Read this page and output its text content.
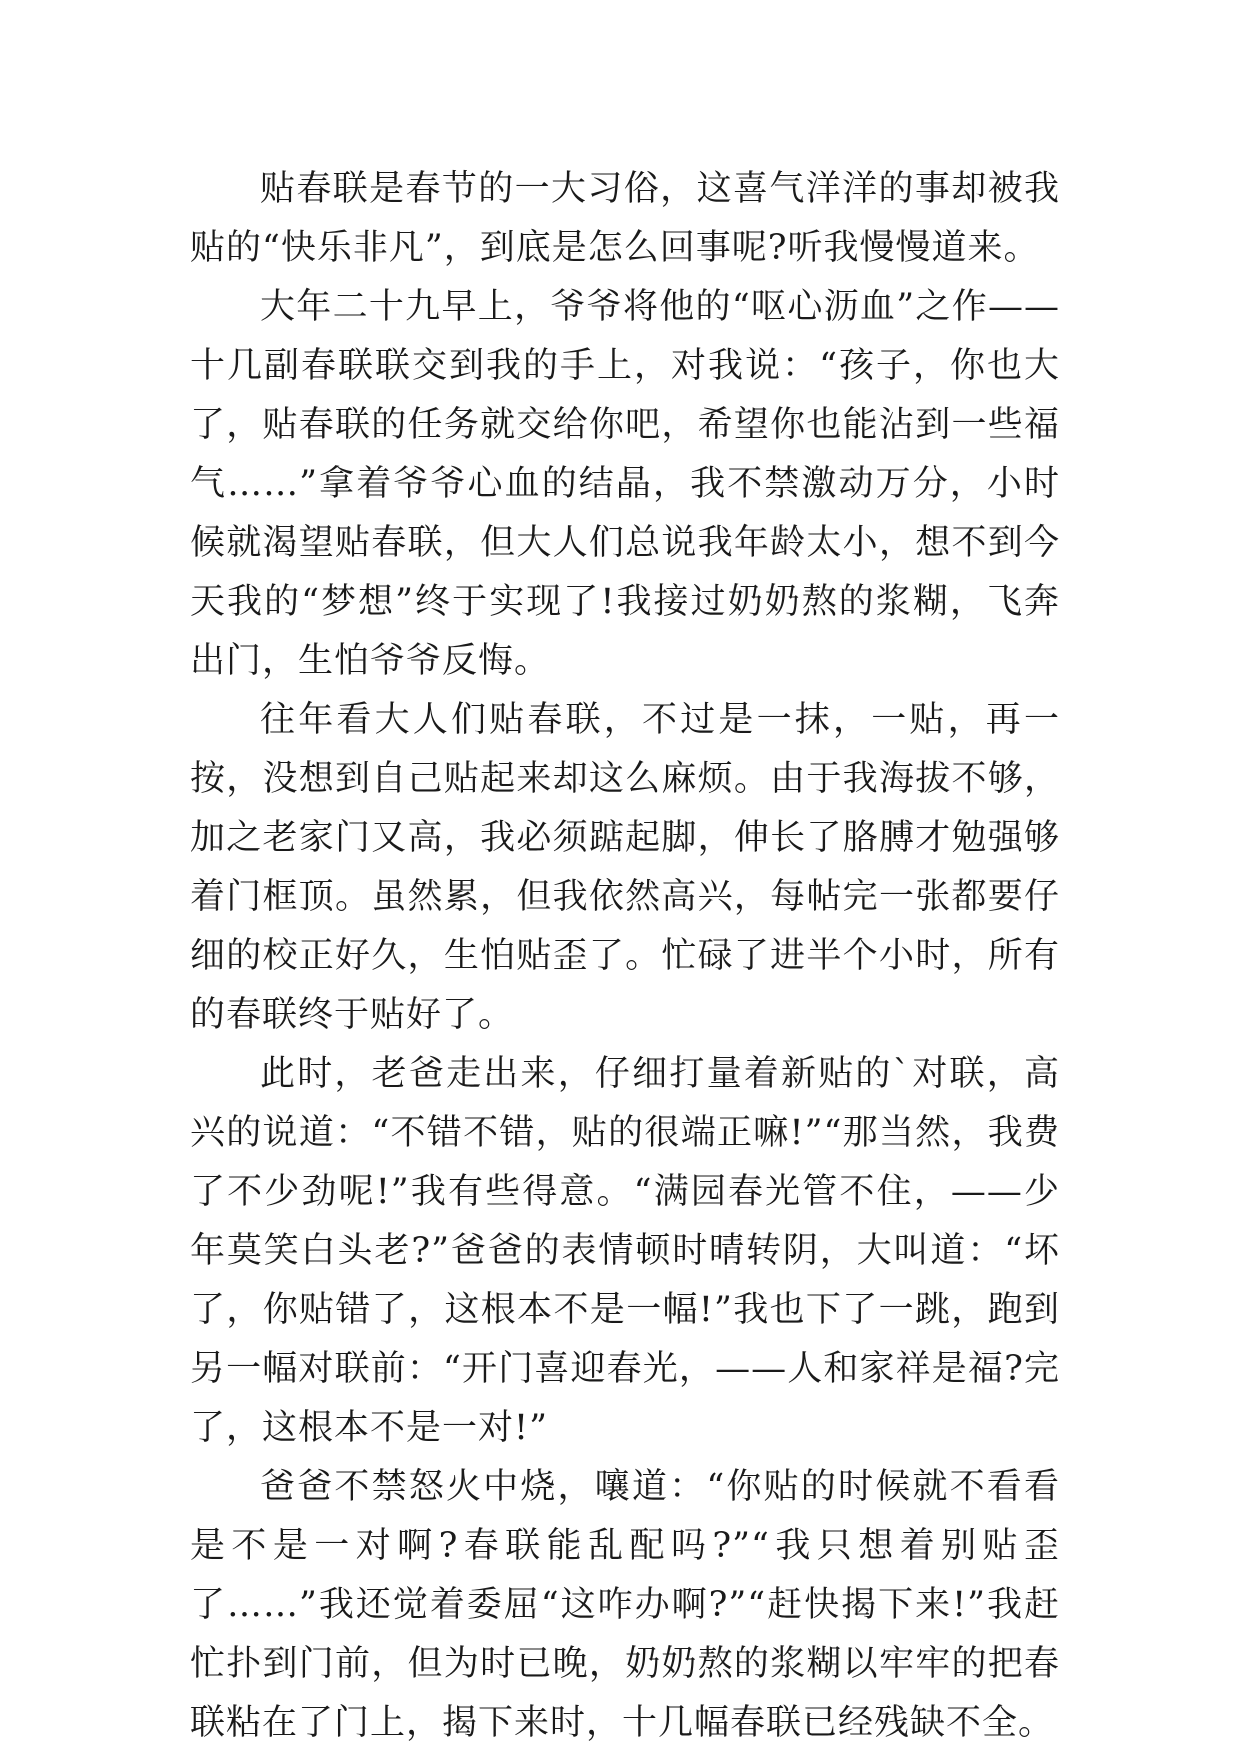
贴春联是春节的一大习俗，这喜气洋洋的事却被我贴的“快乐非凡”，到底是怎么回事呢?听我慢慢道来。

大年二十九早上，爷爷将他的“呕心沥血”之作——十几副春联联交到我的手上，对我说：“孩子，你也大了，贴春联的任务就交给你吧，希望你也能沾到一些福气……”拿着爷爷心血的结晶，我不禁激动万分，小时候就渴望贴春联，但大人们总说我年龄太小，想不到今天我的“梦想”终于实现了!我接过奶奶熬的浆糊，飞奔出门，生怕爷爷反悔。

往年看大人们贴春联，不过是一抹，一贴，再一按，没想到自己贴起来却这么麻烦。由于我海拔不够，加之老家门又高，我必须踮起脚，伸长了胳膊才勉强够着门框顶。虽然累，但我依然高兴，每帖完一张都要仔细的校正好久，生怕贴歪了。忙碌了进半个小时，所有的春联终于贴好了。

此时，老爸走出来，仔细打量着新贴的`对联，高兴的说道：“不错不错，贴的很端正嘛!”“那当然，我费了不少劲呢!”我有些得意。“满园春光管不住，——少年莫笑白头老?”爸爸的表情顿时晴转阴，大叫道：“坏了，你贴错了，这根本不是一幅!”我也下了一跳，跑到另一幅对联前：“开门喜迎春光，——人和家祥是福?完了，这根本不是一对!”

爸爸不禁怒火中烧，嚷道：“你贴的时候就不看看是不是一对啊?春联能乱配吗?”“我只想着别贴歪了……”我还觉着委屈“这咋办啊?”“赶快揭下来!”我赶忙扑到门前，但为时已晚，奶奶熬的浆糊以牢牢的把春联粘在了门上，揭下来时，十几幅春联已经残缺不全。
